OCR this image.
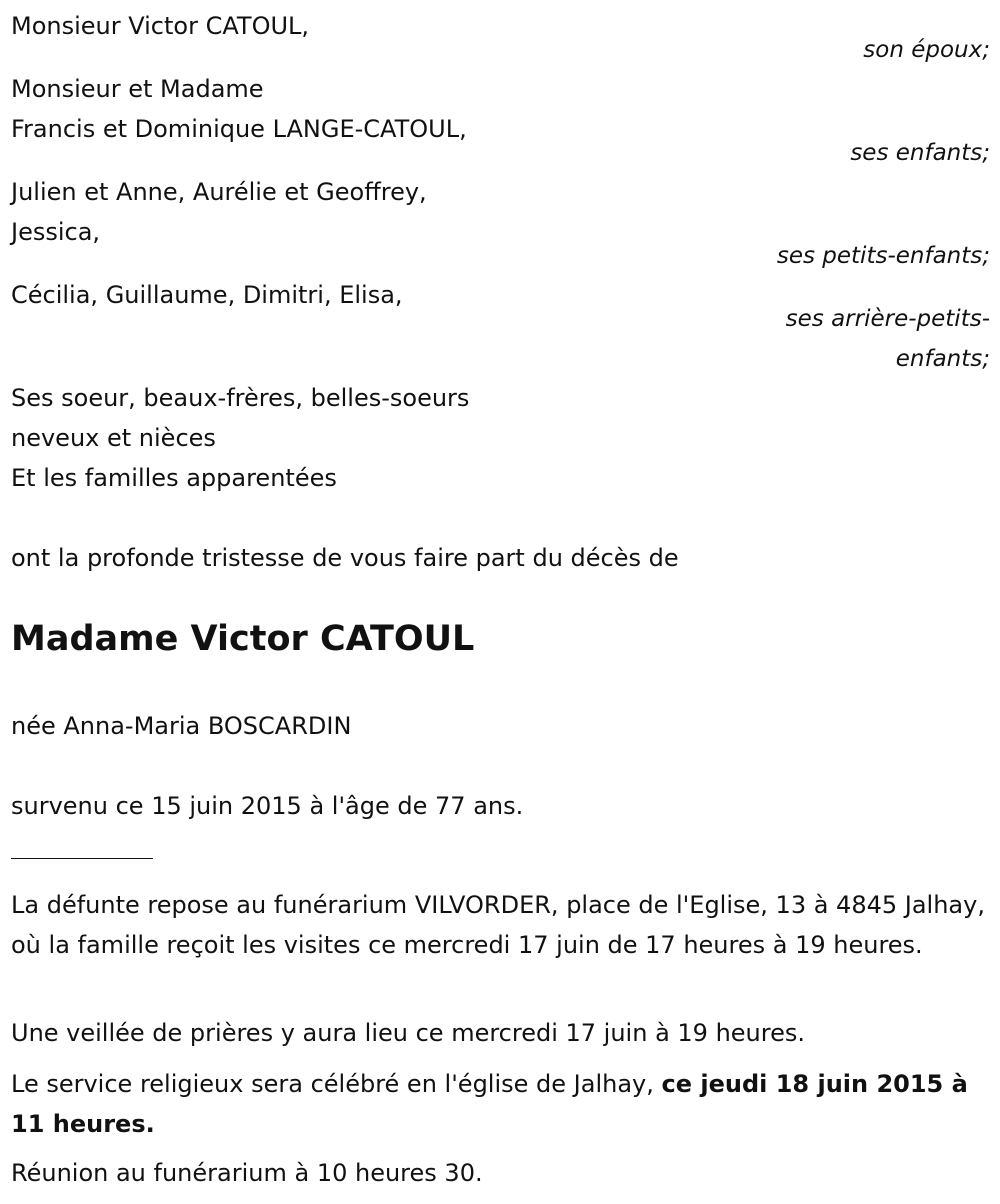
Monsieur Victor CATOUL,

son époux;

Monsieur et Madame

Francis et Dominique LANGE-CATOUL,

ses enfants;

Julien et Anne, Aurélie et Geoffrey,

Jessica,

ses petits-enfants;

Cécilia, Guillaume, Dimitri, Elisa,

ses arrière-petits-

enfants;

Ses soeur, beaux-frères, belles-soeurs

neveux et nièces

Et les familles apparentées

ont la profonde tristesse de vous faire part du décès de

Madame Victor CATOUL

née Anna-Maria BOSCARDIN

survenu ce 15 juin 2015 à l'âge de 77 ans.

La défunte repose au funérarium VILVORDER, place de l'Eglise, 13 à 4845 Jalhay, où la famille reçoit les visites ce mercredi 17 juin de 17 heures à 19 heures.

Une veillée de prières y aura lieu ce mercredi 17 juin à 19 heures.

Le service religieux sera célébré en l'église de Jalhay, ce jeudi 18 juin 2015 à 11 heures.

Réunion au funérarium à 10 heures 30.
